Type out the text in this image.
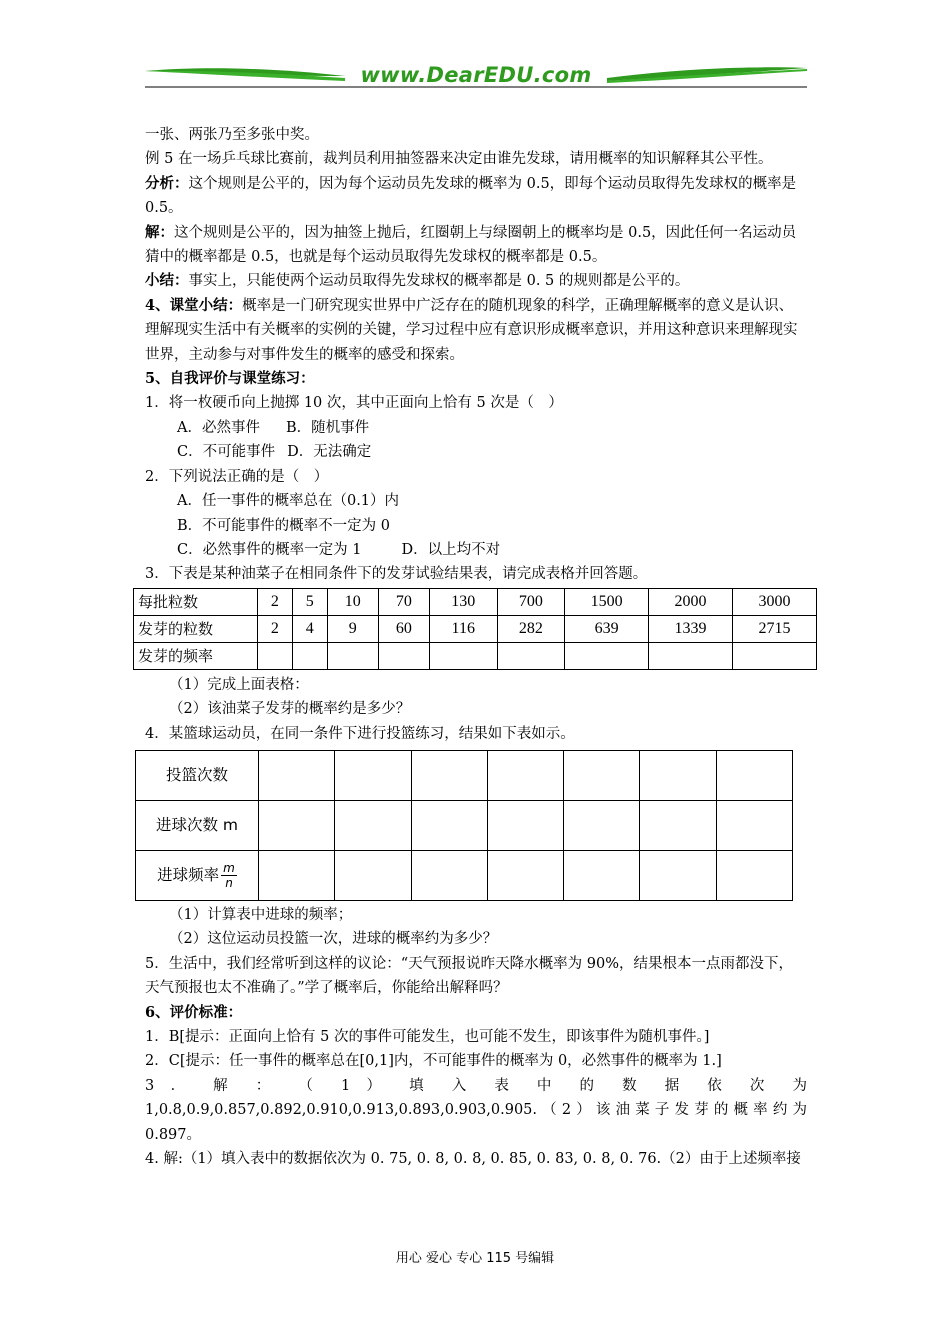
www.DearEDU.com

一张、两张乃至多张中奖。

例 5 在一场乒乓球比赛前，裁判员利用抽签器来决定由谁先发球，请用概率的知识解释其公平性。

分析：这个规则是公平的，因为每个运动员先发球的概率为 0.5，即每个运动员取得先发球权的概率是 0.5。

解：这个规则是公平的，因为抽签上抛后，红圈朝上与绿圈朝上的概率均是 0.5，因此任何一名运动员猜中的概率都是 0.5，也就是每个运动员取得先发球权的概率都是 0.5。

小结：事实上，只能使两个运动员取得先发球权的概率都是 0. 5 的规则都是公平的。

4、课堂小结：概率是一门研究现实世界中广泛存在的随机现象的科学，正确理解概率的意义是认识、理解现实生活中有关概率的实例的关键，学习过程中应有意识形成概率意识，并用这种意识来理解现实世界，主动参与对事件发生的概率的感受和探索。

5、自我评价与课堂练习：

1．将一枚硬币向上抛掷 10 次，其中正面向上恰有 5 次是（　）

A．必然事件 B．随机事件

C．不可能事件 D．无法确定

2．下列说法正确的是（　）

A．任一事件的概率总在（0.1）内

B．不可能事件的概率不一定为 0

C．必然事件的概率一定为 1	D．以上均不对

3．下表是某种油菜子在相同条件下的发芽试验结果表，请完成表格并回答题。

每批粒数	2	5	10	70	130	700	1500	2000	3000
发芽的粒数	2	4	9	60	116	282	639	1339	2715
发芽的频率									

（1）完成上面表格：

（2）该油菜子发芽的概率约是多少？

4．某篮球运动员，在同一条件下进行投篮练习，结果如下表如示。

投篮次数							
进球次数 m							
进球频率 $\frac{m}{n}$

（1）计算表中进球的频率；

（2）这位运动员投篮一次，进球的概率约为多少？

5．生活中，我们经常听到这样的议论：“天气预报说昨天降水概率为 90%，结果根本一点雨都没下，天气预报也太不准确了。”学了概率后，你能给出解释吗？

6、评价标准：

1．B[提示：正面向上恰有 5 次的事件可能发生，也可能不发生，即该事件为随机事件。]

2．C[提示：任一事件的概率总在[0,1]内，不可能事件的概率为 0，必然事件的概率为 1.]

3 ． 解 ： （ 1 ） 填 入 表 中 的 数 据 依 次 为

1,0.8,0.9,0.857,0.892,0.910,0.913,0.893,0.903,0.905.（2）该油菜子发芽的概率约为

0.897。

4. 解:（1）填入表中的数据依次为 0. 75, 0. 8, 0. 8, 0. 85, 0. 83, 0. 8, 0. 76.（2）由于上述频率接

用心 爱心 专心 115 号编辑
